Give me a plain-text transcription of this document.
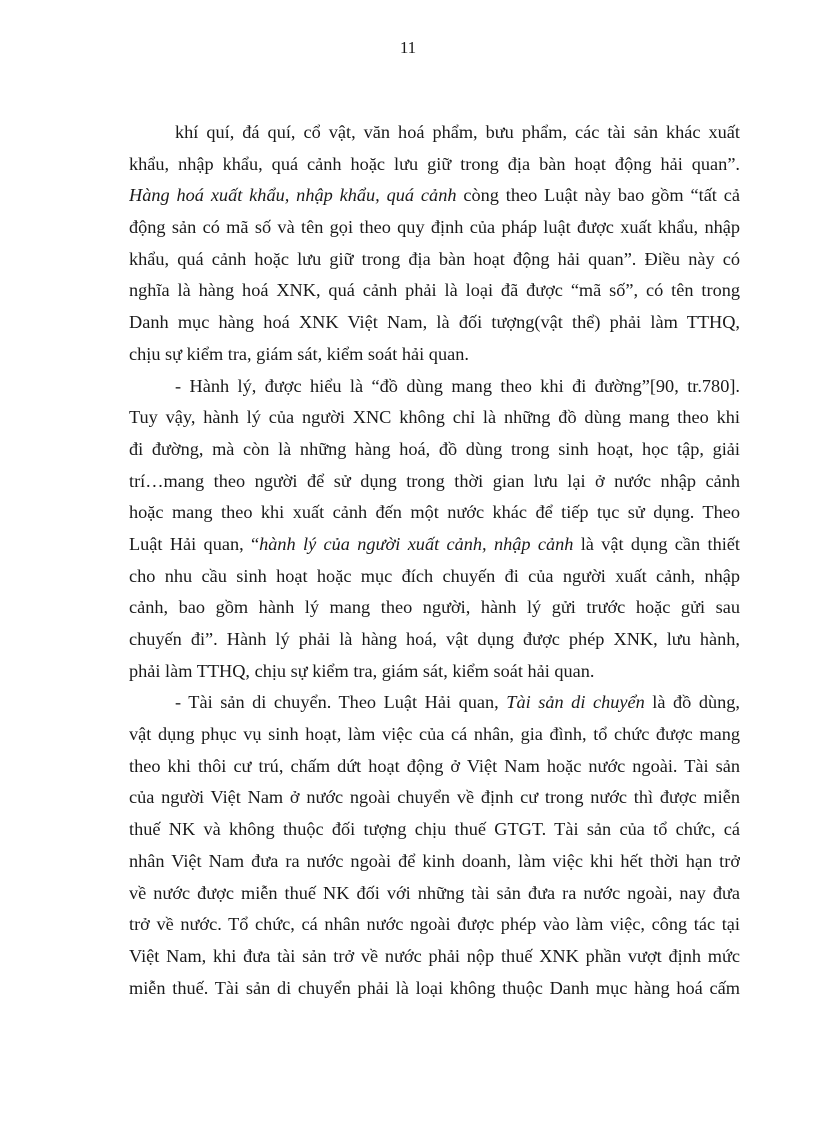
11
khí quí, đá quí, cổ vật, văn hoá phẩm, bưu phẩm, các tài sản khác xuất
khẩu, nhập khẩu, quá cảnh hoặc lưu giữ trong địa bàn hoạt động hải quan”.
Hàng hoá xuất khẩu, nhập khẩu, quá cảnh còng theo Luật này bao gồm “tất cả
động sản có mã số và tên gọi theo quy định của pháp luật được xuất khẩu, nhập
khẩu, quá cảnh hoặc lưu giữ trong địa bàn hoạt động hải quan”. Điều này có
nghĩa là hàng hoá XNK, quá cảnh phải là loại đã được “mã số”, có tên trong
Danh mục hàng hoá XNK Việt Nam, là đối tượng(vật thể) phải làm TTHQ,
chịu sự kiểm tra, giám sát, kiểm soát hải quan.
- Hành lý, được hiểu là “đồ dùng mang theo khi đi đường”[90, tr.780].
Tuy vậy, hành lý của người XNC không chỉ là những đồ dùng mang theo khi
đi đường, mà còn là những hàng hoá, đồ dùng trong sinh hoạt, học tập, giải
trí…mang theo người để sử dụng trong thời gian lưu lại ở nước nhập cảnh
hoặc mang theo khi xuất cảnh đến một nước khác để tiếp tục sử dụng. Theo
Luật Hải quan, “hành lý của người xuất cảnh, nhập cảnh là vật dụng cần thiết
cho nhu cầu sinh hoạt hoặc mục đích chuyến đi của người xuất cảnh, nhập
cảnh, bao gồm hành lý mang theo người, hành lý gửi trước hoặc gửi sau
chuyến đi”. Hành lý phải là hàng hoá, vật dụng được phép XNK, lưu hành,
phải làm TTHQ, chịu sự kiểm tra, giám sát, kiểm soát hải quan.
- Tài sản di chuyển. Theo Luật Hải quan, Tài sản di chuyển là đồ dùng,
vật dụng phục vụ sinh hoạt, làm việc của cá nhân, gia đình, tổ chức được mang
theo khi thôi cư trú, chấm dứt hoạt động ở Việt Nam hoặc nước ngoài. Tài sản
của người Việt Nam ở nước ngoài chuyển về định cư trong nước thì được miễn
thuế NK và không thuộc đối tượng chịu thuế GTGT. Tài sản của tổ chức, cá
nhân Việt Nam đưa ra nước ngoài để kinh doanh, làm việc khi hết thời hạn trở
về nước được miễn thuế NK đối với những tài sản đưa ra nước ngoài, nay đưa
trở về nước. Tổ chức, cá nhân nước ngoài được phép vào làm việc, công tác tại
Việt Nam, khi đưa tài sản trở về nước phải nộp thuế XNK phần vượt định mức
miễn thuế. Tài sản di chuyển phải là loại không thuộc Danh mục hàng hoá cấm
